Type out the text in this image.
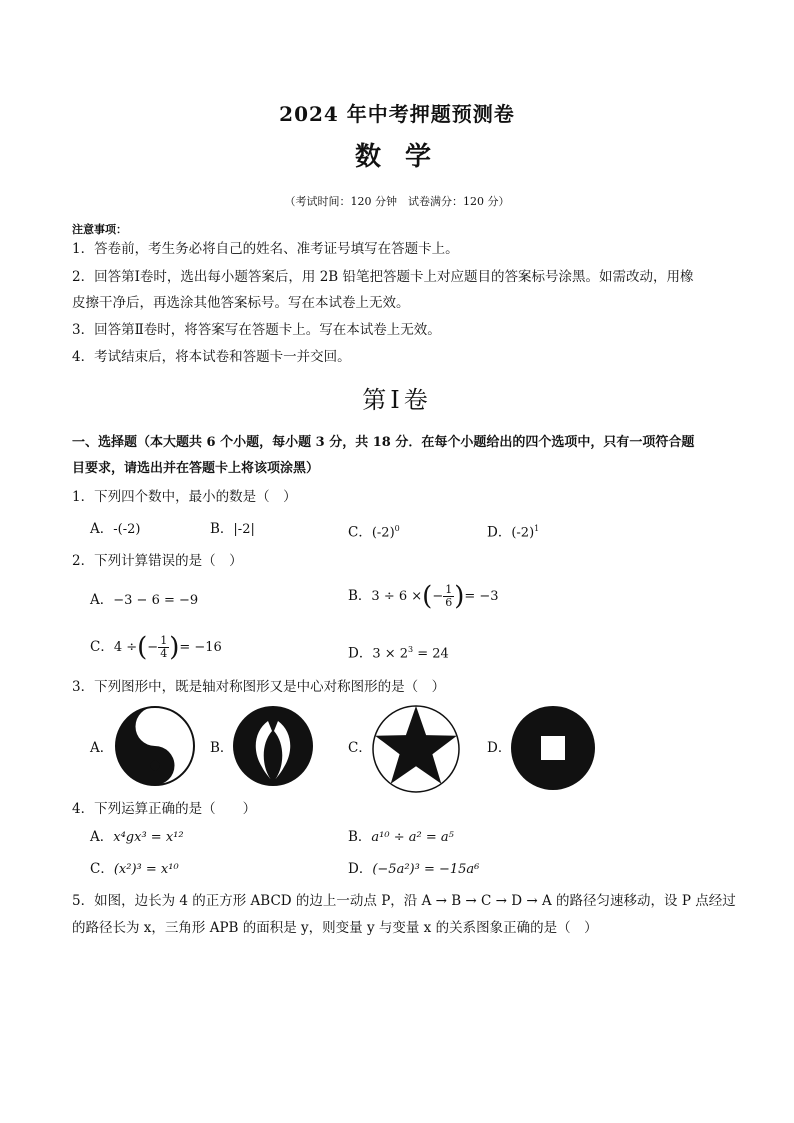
2024 年中考押题预测卷
数学
（考试时间：120 分钟　试卷满分：120 分）
注意事项：
1．答卷前，考生务必将自己的姓名、准考证号填写在答题卡上。
2．回答第Ⅰ卷时，选出每小题答案后，用 2B 铅笔把答题卡上对应题目的答案标号涂黑。如需改动，用橡
皮擦干净后，再选涂其他答案标号。写在本试卷上无效。
3．回答第Ⅱ卷时，将答案写在答题卡上。写在本试卷上无效。
4．考试结束后，将本试卷和答题卡一并交回。
第Ⅰ卷
一、选择题（本大题共 6 个小题，每小题 3 分，共 18 分．在每个小题给出的四个选项中，只有一项符合题
目要求，请选出并在答题卡上将该项涂黑）
1．下列四个数中，最小的数是（　）
A．-(-2)	B．|-2|	C．$(-2)^0$	D．$(-2)^1$
2．下列计算错误的是（　）
A．−3 − 6 = −9	B．3 ÷ 6 ×(− $\frac{1}{6}$ )= −3
C．4 ÷(− $\frac{1}{4}$ )= −16	D．$3 \times 2^3 = 24$
3．下列图形中，既是轴对称图形又是中心对称图形的是（　）
A．	B．	C．	D．
4．下列运算正确的是（　　）
A．x⁴gx³ = x¹²	B．a¹⁰ ÷ a² = a⁵
C．(x²)³ = x¹⁰	D．(−5a²)³ = −15a⁶
5．如图，边长为 4 的正方形 ABCD 的边上一动点 P，沿 A → B → C → D → A 的路径匀速移动，设 P 点经过
的路径长为 x，三角形 APB 的面积是 y，则变量 y 与变量 x 的关系图象正确的是（　）
